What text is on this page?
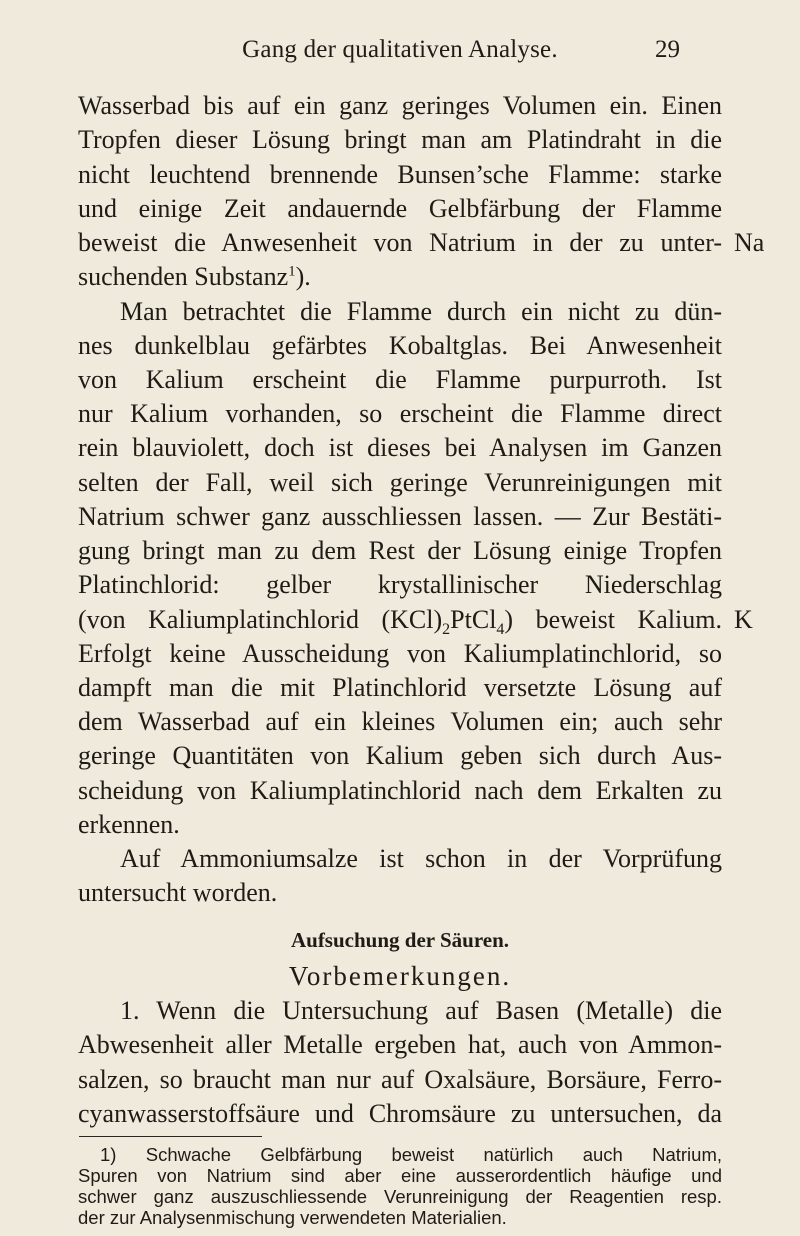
Gang der qualitativen Analyse.	29
Wasserbad bis auf ein ganz geringes Volumen ein. Einen
Tropfen dieser Lösung bringt man am Platindraht in die
nicht leuchtend brennende Bunsen’sche Flamme: starke
und einige Zeit andauernde Gelbfärbung der Flamme
beweist die Anwesenheit von Natrium in der zu unter- Na
suchenden Substanz$^1$).
Man betrachtet die Flamme durch ein nicht zu dün-
nes dunkelblau gefärbtes Kobaltglas. Bei Anwesenheit
von Kalium erscheint die Flamme purpurroth. Ist
nur Kalium vorhanden, so erscheint die Flamme direct
rein blauviolett, doch ist dieses bei Analysen im Ganzen
selten der Fall, weil sich geringe Verunreinigungen mit
Natrium schwer ganz ausschliessen lassen. — Zur Bestäti-
gung bringt man zu dem Rest der Lösung einige Tropfen
Platinchlorid: gelber krystallinischer Niederschlag
(von Kaliumplatinchlorid $(KCl)_2PtCl_4$) beweist Kalium. K
Erfolgt keine Ausscheidung von Kaliumplatinchlorid, so
dampft man die mit Platinchlorid versetzte Lösung auf
dem Wasserbad auf ein kleines Volumen ein; auch sehr
geringe Quantitäten von Kalium geben sich durch Aus-
scheidung von Kaliumplatinchlorid nach dem Erkalten zu
erkennen.
Auf Ammoniumsalze ist schon in der Vorprüfung
untersucht worden.
Aufsuchung der Säuren.
Vorbemerkungen.
1. Wenn die Untersuchung auf Basen (Metalle) die
Abwesenheit aller Metalle ergeben hat, auch von Ammon-
salzen, so braucht man nur auf Oxalsäure, Borsäure, Ferro-
cyanwasserstoffsäure und Chromsäure zu untersuchen, da
1) Schwache Gelbfärbung beweist natürlich auch Natrium,
Spuren von Natrium sind aber eine ausserordentlich häufige und
schwer ganz auszuschliessende Verunreinigung der Reagentien resp.
der zur Analysenmischung verwendeten Materialien.
